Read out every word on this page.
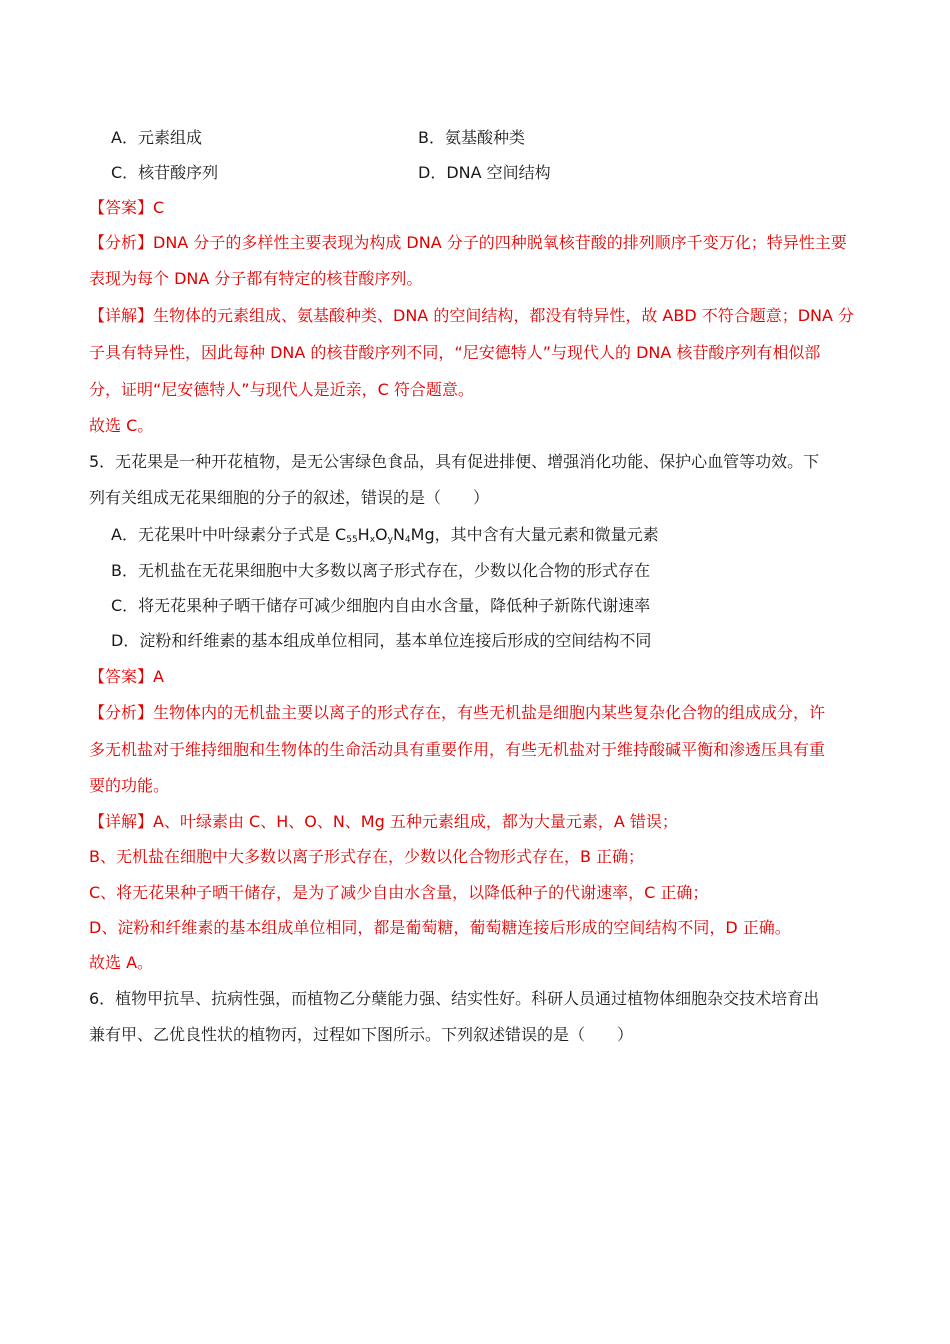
A．元素组成	B．氨基酸种类
C．核苷酸序列	D．DNA 空间结构
【答案】C
【分析】DNA 分子的多样性主要表现为构成 DNA 分子的四种脱氧核苷酸的排列顺序千变万化；特异性主要
表现为每个 DNA 分子都有特定的核苷酸序列。
【详解】生物体的元素组成、氨基酸种类、DNA 的空间结构，都没有特异性，故 ABD 不符合题意；DNA 分
子具有特异性，因此每种 DNA 的核苷酸序列不同，“尼安德特人”与现代人的 DNA 核苷酸序列有相似部
分，证明“尼安德特人”与现代人是近亲，C 符合题意。
故选 C。
5．无花果是一种开花植物，是无公害绿色食品，具有促进排便、增强消化功能、保护心血管等功效。下
列有关组成无花果细胞的分子的叙述，错误的是（　　）
A．无花果叶中叶绿素分子式是 $C_{55}H_xO_yN_4Mg$，其中含有大量元素和微量元素
B．无机盐在无花果细胞中大多数以离子形式存在，少数以化合物的形式存在
C．将无花果种子晒干储存可减少细胞内自由水含量，降低种子新陈代谢速率
D．淀粉和纤维素的基本组成单位相同，基本单位连接后形成的空间结构不同
【答案】A
【分析】生物体内的无机盐主要以离子的形式存在，有些无机盐是细胞内某些复杂化合物的组成成分，许
多无机盐对于维持细胞和生物体的生命活动具有重要作用，有些无机盐对于维持酸碱平衡和渗透压具有重
要的功能。
【详解】A、叶绿素由 C、H、O、N、Mg 五种元素组成，都为大量元素，A 错误；
B、无机盐在细胞中大多数以离子形式存在，少数以化合物形式存在，B 正确；
C、将无花果种子晒干储存，是为了减少自由水含量，以降低种子的代谢速率，C 正确；
D、淀粉和纤维素的基本组成单位相同，都是葡萄糖，葡萄糖连接后形成的空间结构不同，D 正确。
故选 A。
6．植物甲抗旱、抗病性强，而植物乙分蘖能力强、结实性好。科研人员通过植物体细胞杂交技术培育出
兼有甲、乙优良性状的植物丙，过程如下图所示。下列叙述错误的是（　　）
